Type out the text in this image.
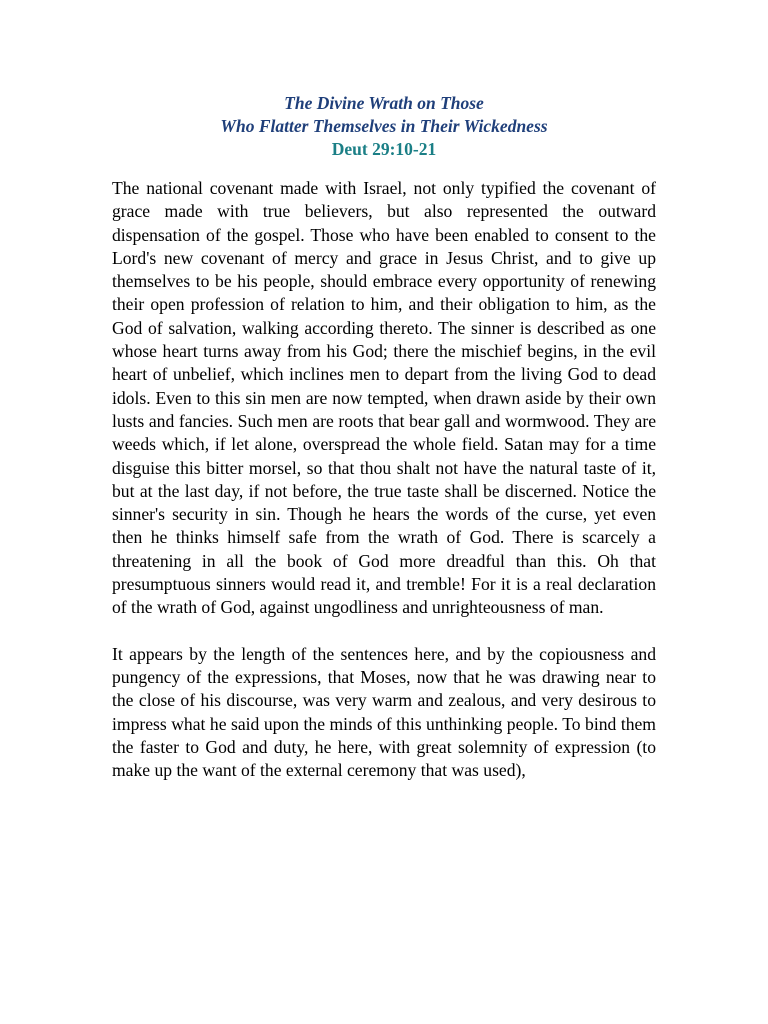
The Divine Wrath on Those
Who Flatter Themselves in Their Wickedness
Deut 29:10-21

The national covenant made with Israel, not only typified the covenant of grace made with true believers, but also represented the outward dispensation of the gospel. Those who have been enabled to consent to the Lord's new covenant of mercy and grace in Jesus Christ, and to give up themselves to be his people, should embrace every opportunity of renewing their open profession of relation to him, and their obligation to him, as the God of salvation, walking according thereto. The sinner is described as one whose heart turns away from his God; there the mischief begins, in the evil heart of unbelief, which inclines men to depart from the living God to dead idols. Even to this sin men are now tempted, when drawn aside by their own lusts and fancies. Such men are roots that bear gall and wormwood. They are weeds which, if let alone, overspread the whole field. Satan may for a time disguise this bitter morsel, so that thou shalt not have the natural taste of it, but at the last day, if not before, the true taste shall be discerned. Notice the sinner's security in sin. Though he hears the words of the curse, yet even then he thinks himself safe from the wrath of God. There is scarcely a threatening in all the book of God more dreadful than this. Oh that presumptuous sinners would read it, and tremble! For it is a real declaration of the wrath of God, against ungodliness and unrighteousness of man.

It appears by the length of the sentences here, and by the copiousness and pungency of the expressions, that Moses, now that he was drawing near to the close of his discourse, was very warm and zealous, and very desirous to impress what he said upon the minds of this unthinking people. To bind them the faster to God and duty, he here, with great solemnity of expression (to make up the want of the external ceremony that was used),
